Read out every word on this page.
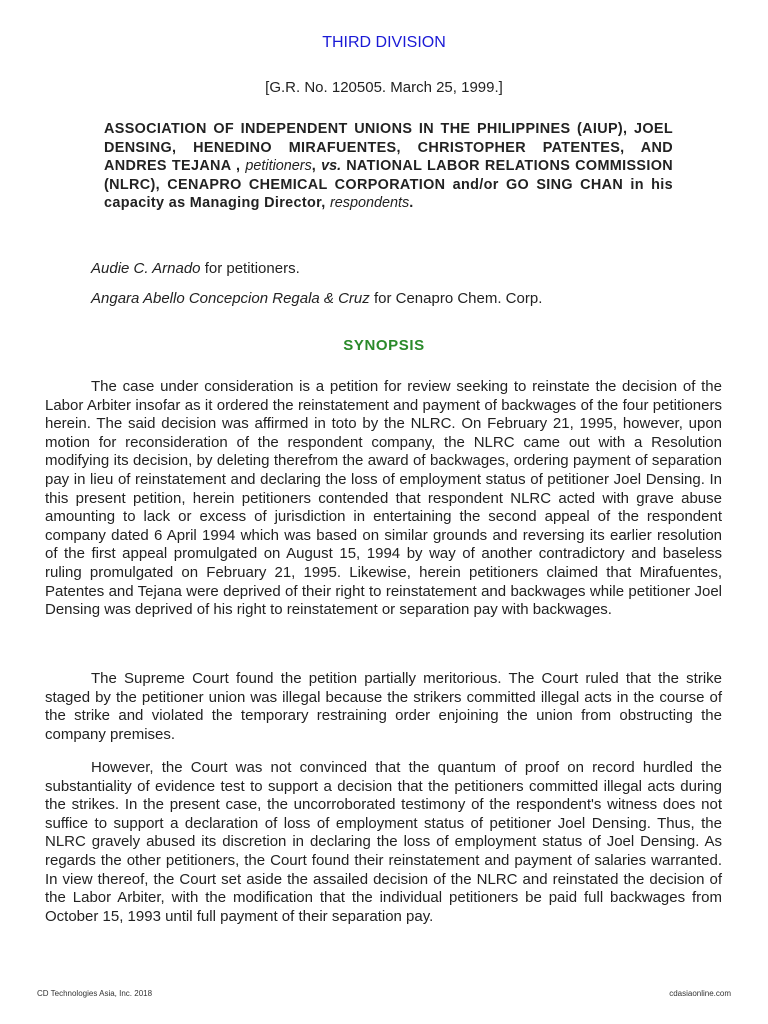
THIRD DIVISION
[G.R. No. 120505. March 25, 1999.]
ASSOCIATION OF INDEPENDENT UNIONS IN THE PHILIPPINES (AIUP), JOEL DENSING, HENEDINO MIRAFUENTES, CHRISTOPHER PATENTES, AND ANDRES TEJANA , petitioners, vs. NATIONAL LABOR RELATIONS COMMISSION (NLRC), CENAPRO CHEMICAL CORPORATION and/or GO SING CHAN in his capacity as Managing Director, respondents.
Audie C. Arnado for petitioners.
Angara Abello Concepcion Regala & Cruz for Cenapro Chem. Corp.
SYNOPSIS

The case under consideration is a petition for review seeking to reinstate the decision of the Labor Arbiter insofar as it ordered the reinstatement and payment of backwages of the four petitioners herein. The said decision was affirmed in toto by the NLRC. On February 21, 1995, however, upon motion for reconsideration of the respondent company, the NLRC came out with a Resolution modifying its decision, by deleting therefrom the award of backwages, ordering payment of separation pay in lieu of reinstatement and declaring the loss of employment status of petitioner Joel Densing. In this present petition, herein petitioners contended that respondent NLRC acted with grave abuse amounting to lack or excess of jurisdiction in entertaining the second appeal of the respondent company dated 6 April 1994 which was based on similar grounds and reversing its earlier resolution of the first appeal promulgated on August 15, 1994 by way of another contradictory and baseless ruling promulgated on February 21, 1995. Likewise, herein petitioners claimed that Mirafuentes, Patentes and Tejana were deprived of their right to reinstatement and backwages while petitioner Joel Densing was deprived of his right to reinstatement or separation pay with backwages.

The Supreme Court found the petition partially meritorious. The Court ruled that the strike staged by the petitioner union was illegal because the strikers committed illegal acts in the course of the strike and violated the temporary restraining order enjoining the union from obstructing the company premises.

However, the Court was not convinced that the quantum of proof on record hurdled the substantiality of evidence test to support a decision that the petitioners committed illegal acts during the strikes. In the present case, the uncorroborated testimony of the respondent's witness does not suffice to support a declaration of loss of employment status of petitioner Joel Densing. Thus, the NLRC gravely abused its discretion in declaring the loss of employment status of Joel Densing. As regards the other petitioners, the Court found their reinstatement and payment of salaries warranted. In view thereof, the Court set aside the assailed decision of the NLRC and reinstated the decision of the Labor Arbiter, with the modification that the individual petitioners be paid full backwages from October 15, 1993 until full payment of their separation pay.

CD Technologies Asia, Inc. 2018	cdasiaonline.com
